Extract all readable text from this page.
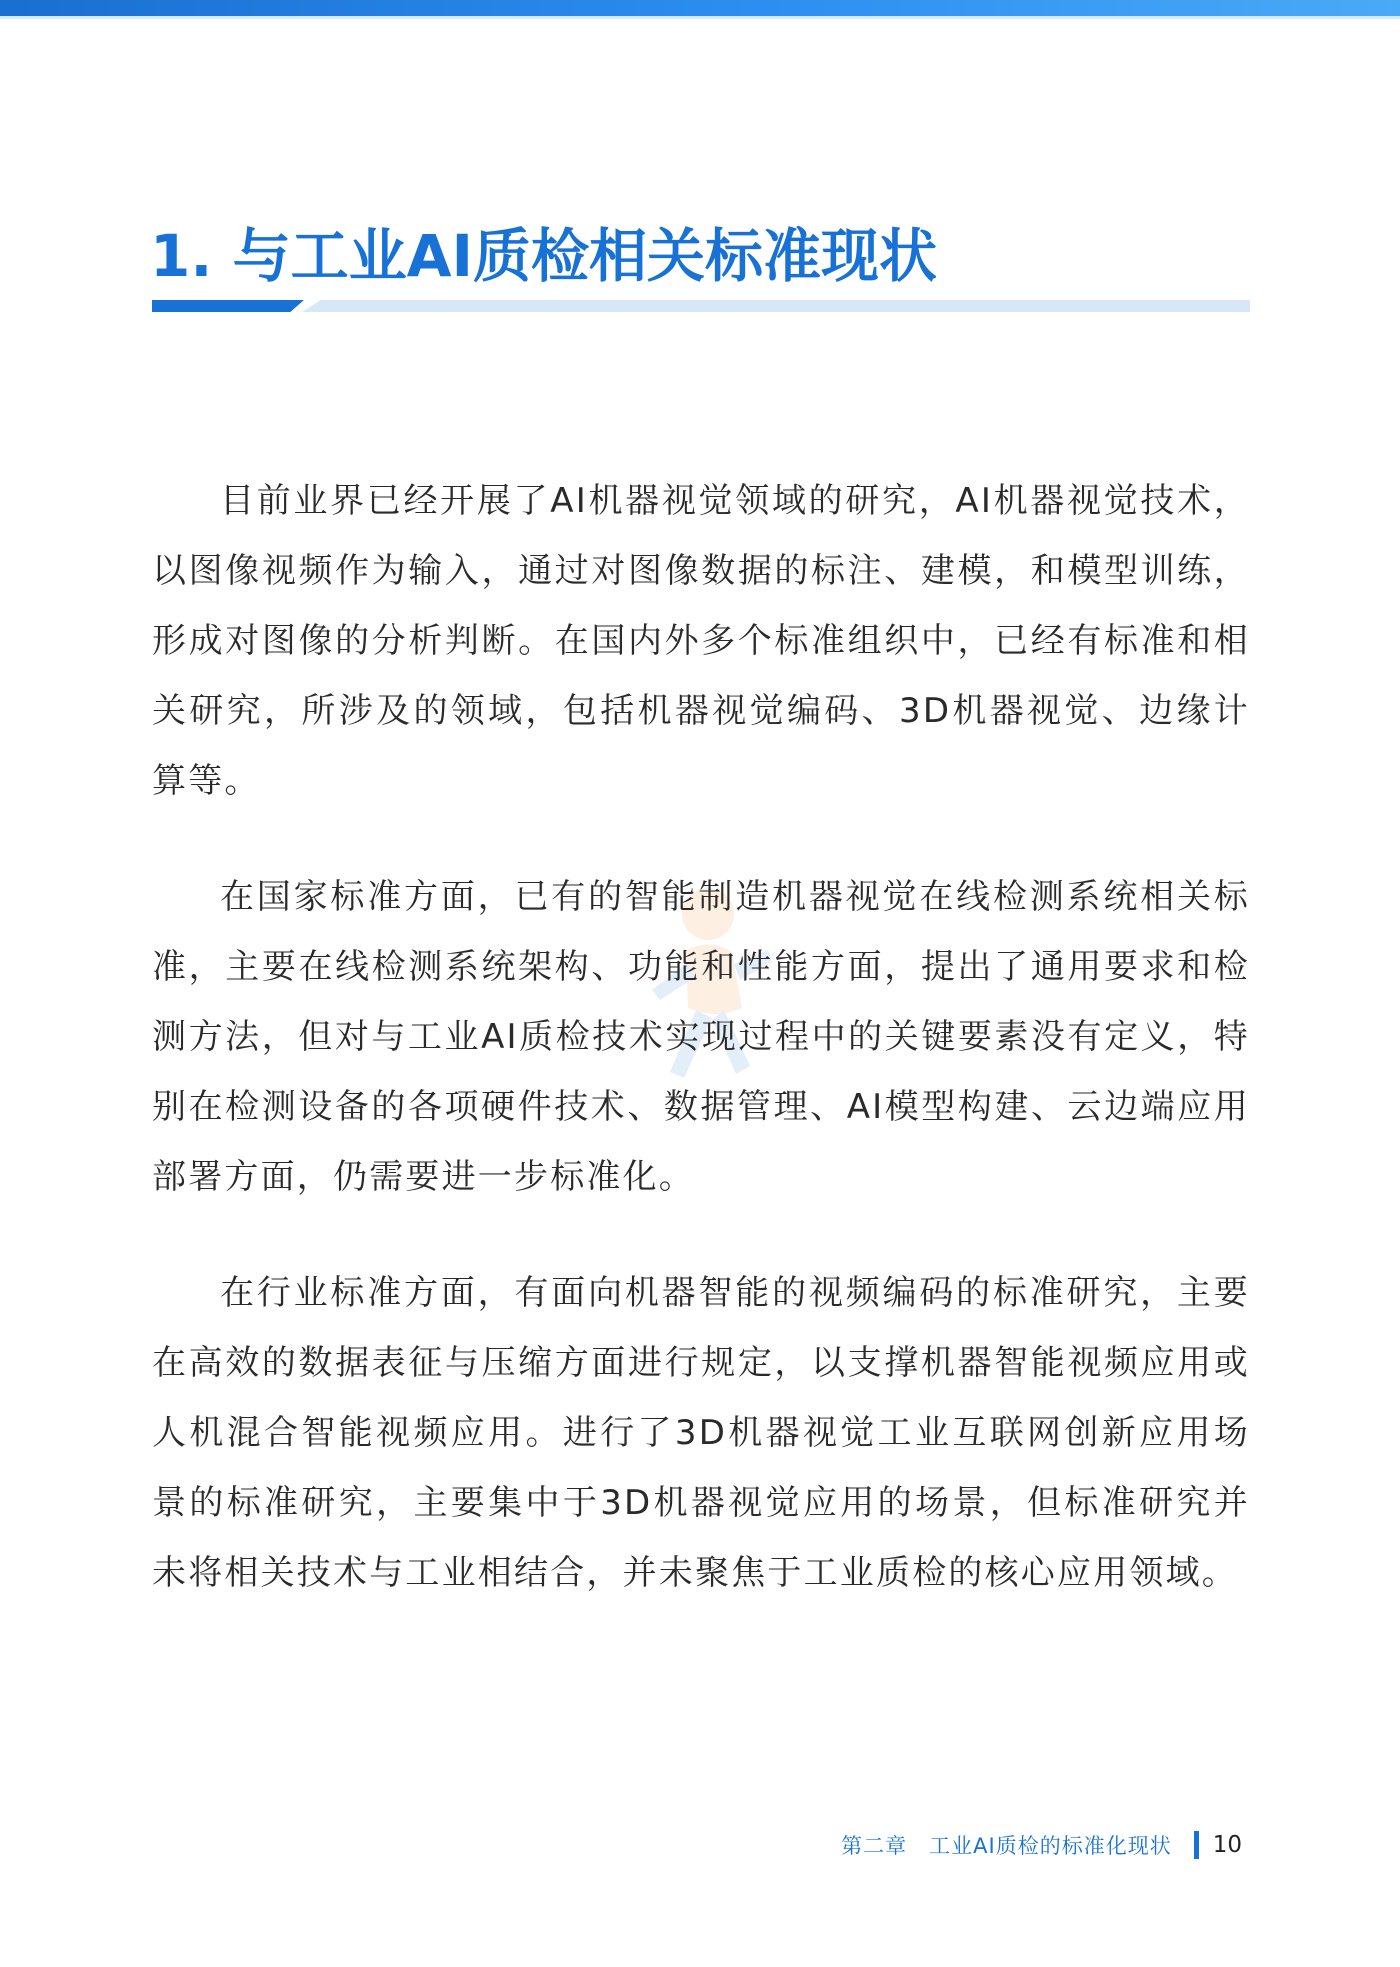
1. 与工业AI质检相关标准现状

目前业界已经开展了AI机器视觉领域的研究，AI机器视觉技术，以图像视频作为输入，通过对图像数据的标注、建模，和模型训练，形成对图像的分析判断。在国内外多个标准组织中，已经有标准和相关研究，所涉及的领域，包括机器视觉编码、3D机器视觉、边缘计算等。

在国家标准方面，已有的智能制造机器视觉在线检测系统相关标准，主要在线检测系统架构、功能和性能方面，提出了通用要求和检测方法，但对与工业AI质检技术实现过程中的关键要素没有定义，特别在检测设备的各项硬件技术、数据管理、AI模型构建、云边端应用部署方面，仍需要进一步标准化。

在行业标准方面，有面向机器智能的视频编码的标准研究，主要在高效的数据表征与压缩方面进行规定，以支撑机器智能视频应用或人机混合智能视频应用。进行了3D机器视觉工业互联网创新应用场景的标准研究，主要集中于3D机器视觉应用的场景，但标准研究并未将相关技术与工业相结合，并未聚焦于工业质检的核心应用领域。

第二章 工业AI质检的标准化现状 10
